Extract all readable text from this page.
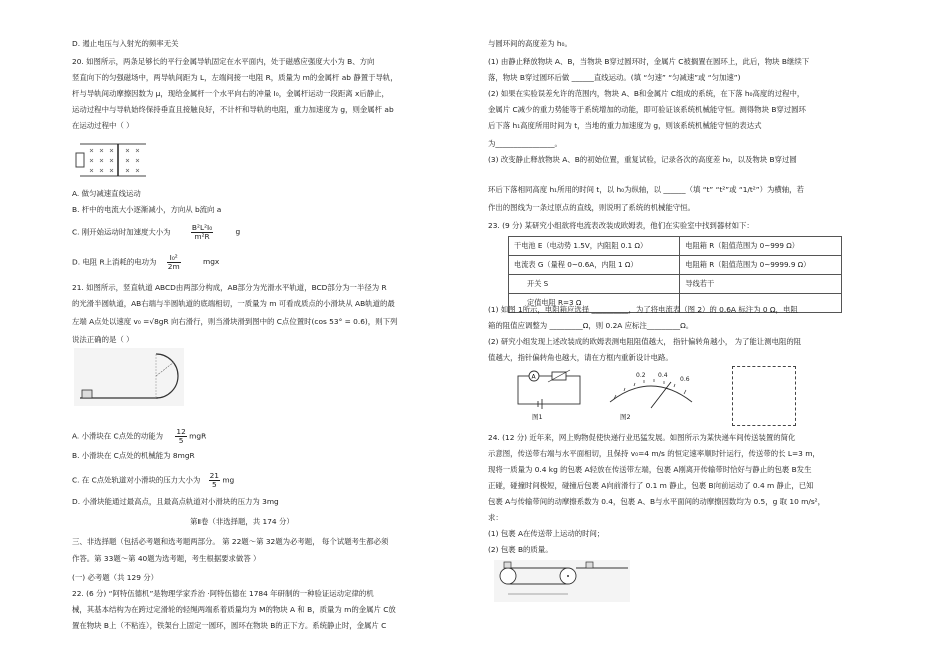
D. 遏止电压与入射光的频率无关
20. 如图所示，两条足够长的平行金属导轨固定在水平面内，处于磁感应强度大小为 B、方向
竖直向下的匀强磁场中，两导轨间距为 L，左端间接一电阻 R，质量为 m的金属杆 ab 静置于导轨，
杆与导轨间动摩擦因数为 μ，现给金属杆一个水平向右的冲量 I₀，金属杆运动一段距离 x后静止，
运动过程中与导轨始终保持垂直且接触良好，不计杆和导轨的电阻，重力加速度为 g，则金属杆 ab
在运动过程中（ ）
A. 做匀减速直线运动
B. 杆中的电流大小逐渐减小，方向从 b流向 a
C. 刚开始运动时加速度大小为	$\frac{\text{B²L²I₀}}{\text{m²R}}$	g
D. 电阻 R上消耗的电功为 $\frac{\text{I₀²}}{2m}$	mgx
21. 如图所示，竖直轨道 ABCD由两部分构成，AB部分为光滑水平轨道，BCD部分为一半径为 R
的光滑半圆轨道，AB右端与半圆轨道的底端相切，一质量为 m 可看成质点的小滑块从 AB轨道的最
左端 A点处以速度 v₀ =√8gR 向右滑行，则当滑块滑到图中的 C点位置时(cos 53° = 0.6)，则下列
说法正确的是（ ）
A. 小滑块在 C点处的动能为 $\frac{12}{5}$ mgR
B. 小滑块在 C点处的机械能为 8mgR
C. 在 C点处轨道对小滑块的压力大小为 $\frac{21}{5}$ mg
D. 小滑块能通过最高点，且最高点轨道对小滑块的压力为 3mg
第Ⅱ卷（非选择题，共 174 分）
三、非选择题（包括必考题和选考题两部分。 第 22题～第 32题为必考题， 每个试题考生都必须
作答。第 33题～第 40题为选考题，考生根据要求做答 ）
(一) 必考题（共 129 分）
22. (6 分) “阿特伍德机”是物理学家乔治 ·阿特伍德在 1784 年研制的一种验证运动定律的机
械，其基本结构为在跨过定滑轮的轻绳两端系着质量均为 M的物块 A 和 B，质量为 m的金属片 C放
置在物块 B上（不粘连），铁架台上固定一圆环，圆环在物块 B的正下方。系统静止时，金属片 C
与圆环间的高度差为 h₀。
(1) 由静止释放物块 A、B，当物块 B穿过圆环时，金属片 C被搁置在圆环上，此后，物块 B继续下
落，物块 B穿过圆环后做 ______直线运动。(填 “匀速” “匀减速”或 “匀加速”)
(2) 如果在实验误差允许的范围内，物块 A、B和金属片 C组成的系统，在下落 h₀高度的过程中，
金属片 C减少的重力势能等于系统增加的动能，即可验证该系统机械能守恒。测得物块 B穿过圆环
后下落 h₁高度所用时间为 t，当地的重力加速度为 g，则该系统机械能守恒的表达式
为________________。
(3) 改变静止释放物块 A、B的初始位置，重复试验，记录各次的高度差 h₀，以及物块 B穿过圆
环后下落相同高度 h₁所用的时间 t，以 h₀为纵轴，以 ______（填 “t” “t²”或 “1/t²”）为横轴，若
作出的图线为一条过原点的直线，则说明了系统的机械能守恒。
23. (9 分) 某研究小组欲将电流表改装成欧姆表，他们在实验室中找到器材如下：
干电池 E（电动势 1.5V，内阻阻 0.1 Ω）	电阻箱 R（阻值范围为 0~999 Ω）
电流表 G（量程 0~0.6A，内阻 1 Ω）	电阻箱 R（阻值范围为 0~9999.9 Ω）
开关 S	导线若干
定值电阻 R=3 Ω	
(1) 如图 1所示，电阻箱应选择 __________，为了将电流表（图 2）的 0.6A 标注为 0 Ω，电阻
箱的阻值应调整为 _________Ω，则 0.2A 应标注_________Ω。
(2) 研究小组发现上述改装成的欧姆表测电阻阻值越大， 指针偏转角越小， 为了能让测电阻的阻
值越大，指针偏转角也越大，请在方框内重新设计电路。
A	0.2 0.4
0.6
图1	图2
24. (12 分) 近年来，网上购物促使快递行业迅猛发展。如图所示为某快递车间传送装置的简化
示意图，传送带右端与水平面相切，且保持 v₀=4 m/s 的恒定速率顺时针运行，传送带的长 L=3 m，
现将一质量为 0.4 kg 的包裹 A轻放在传送带左端，包裹 A刚离开传输带时恰好与静止的包裹 B发生
正碰，碰撞时间极短，碰撞后包裹 A向前滑行了 0.1 m 静止，包裹 B向前运动了 0.4 m 静止，已知
包裹 A与传输带间的动摩擦系数为 0.4，包裹 A、B与水平面间的动摩擦因数均为 0.5，g 取 10 m/s²，
求：
(1) 包裹 A在传送带上运动的时间；
(2) 包裹 B的质量。
